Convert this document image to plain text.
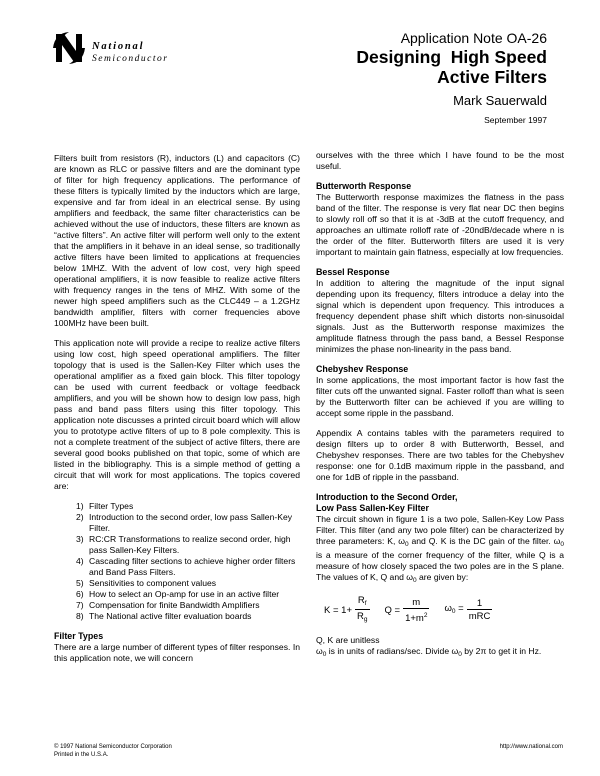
National
Semiconductor
Application Note OA-26
Designing  High Speed
Active Filters
Mark Sauerwald
September 1997

Filters built from resistors (R), inductors (L) and capacitors (C) are known as RLC or passive filters and are the dominant type of filter for high frequency applications. The performance of these filters is typically limited by the inductors which are large, expensive and far from ideal in an electrical sense. By using amplifiers and feedback, the same filter characteristics can be achieved without the use of inductors, these filters are known as “active filters”. An active filter will perform well only to the extent that the amplifiers in it behave in an ideal sense, so traditionally active filters have been limited to applications at frequencies below 1MHZ. With the advent of low cost, very high speed operational amplifiers, it is now feasible to realize active filters with frequency ranges in the tens of MHZ. With some of the newer high speed amplifiers such as the CLC449 – a 1.2GHz bandwidth amplifier, filters with corner frequencies above 100MHz have been built.

This application note will provide a recipe to realize active filters using low cost, high speed operational amplifiers. The filter topology that is used is the Sallen-Key Filter which uses the operational amplifier as a fixed gain block. This filter topology can be used with current feedback or voltage feedback amplifiers, and you will be shown how to design low pass, high pass and band pass filters using this filter topology. This application note discusses a printed circuit board which will allow you to prototype active filters of up to 8 pole complexity. This is not a complete treatment of the subject of active filters, there are several good books published on that topic, some of which are listed in the bibliography. This is a simple method of getting a circuit that will work for most applications. The topics covered are:

1) Filter Types
2) Introduction to the second order, low pass Sallen-Key Filter.
3) RC:CR Transformations to realize second order, high pass Sallen-Key Filters.
4) Cascading filter sections to achieve higher order filters and Band Pass Filters.
5) Sensitivities to component values
6) How to select an Op-amp for use in an active filter
7) Compensation for finite Bandwidth Amplifiers
8) The National active filter evaluation boards
Filter Types

There are a large number of different types of filter responses. In this application note, we will concern

ourselves with the three which I have found to be the most useful.

Butterworth Response

The Butterworth response maximizes the flatness in the pass band of the filter. The response is very flat near DC then begins to slowly roll off so that it is at -3dB at the cutoff frequency, and approaches an ultimate rolloff rate of -20ndB/decade where n is the order of the filter. Butterworth filters are used it is very important to maintain gain flatness, especially at low frequencies.

Bessel Response

In addition to altering the magnitude of the input signal depending upon its frequency, filters introduce a delay into the signal which is dependent upon frequency. This introduces a frequency dependent phase shift which distorts non-sinusoidal signals. Just as the Butterworth response maximizes the amplitude flatness through the pass band, a Bessel Response minimizes the phase non-linearity in the pass band.

Chebyshev Response

In some applications, the most important factor is how fast the filter cuts off the unwanted signal. Faster rolloff than what is seen by the Butterworth filter can be achieved if you are willing to accept some ripple in the passband.

Appendix A contains tables with the parameters required to design filters up to order 8 with Butterworth, Bessel, and Chebyshev responses. There are two tables for the Chebyshev response: one for 0.1dB maximum ripple in the passband, and one for 1dB of ripple in the passband.

Introduction to the Second Order,
Low Pass Sallen-Key Filter

The circuit shown in figure 1 is a two pole, Sallen-Key Low Pass Filter. This filter (and any two pole filter) can be characterized by three parameters: K, $\omega_0$ and Q. K is the DC gain of the filter. $\omega_0$ is a measure of the corner frequency of the filter, while Q is a measure of how closely spaced the two poles are in the S plane. The values of K, Q and $\omega_0$ are given by:

$K = 1+ \frac{R_f}{R_g}$ $Q = \frac{m}{1+m^2} \omega_0 = \frac{1}{\text{mRC}}$

Q, K are unitless

$\omega_0$ is in units of radians/sec. Divide $\omega_0$ by 2π to get it in Hz.

© 1997 National Semiconductor Corporation
Printed in the U.S.A.
http://www.national.com
